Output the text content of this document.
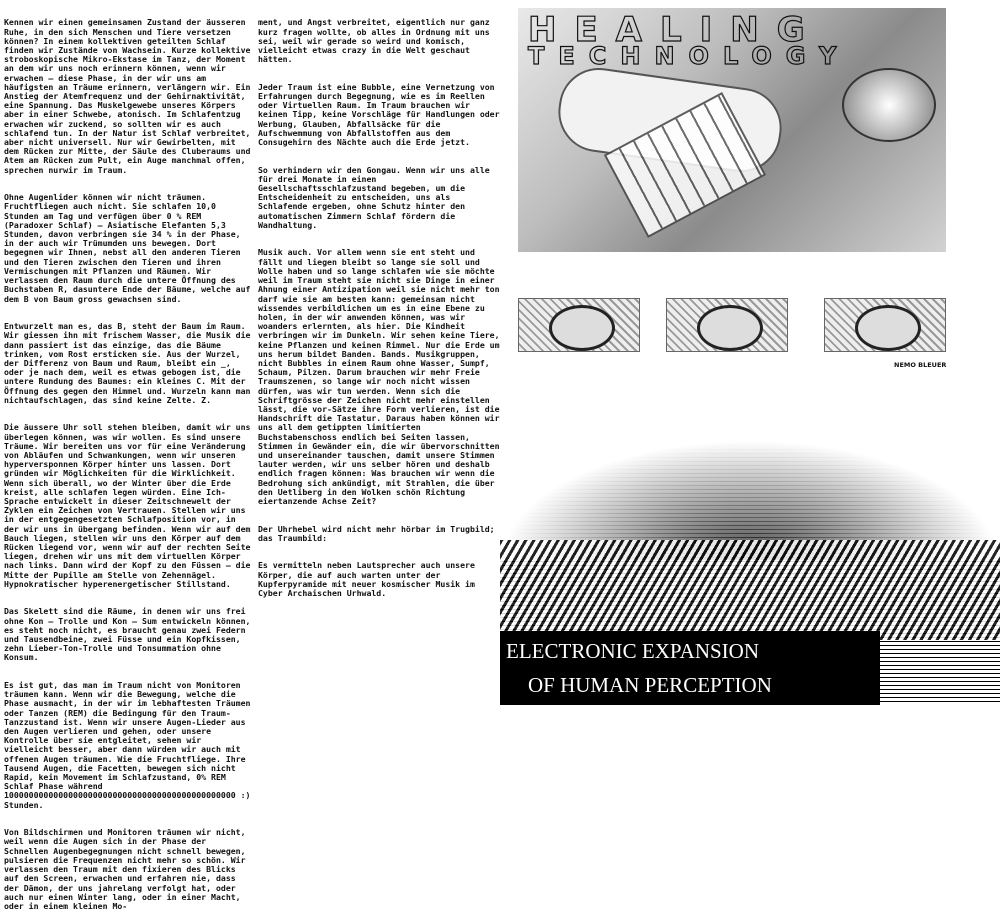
Kennen wir einen gemeinsamen Zustand der äusseren Ruhe, in den sich Menschen und Tiere versetzen können? In einem kollektiven geteilten Schlaf finden wir Zustände von Wachsein. Kurze kollektive stroboskopische Mikro-Ekstase im Tanz, der Moment an dem wir uns noch erinnern können, wenn wir erwachen – diese Phase, in der wir uns am häufigsten an Träume erinnern, verlängern wir. Ein Anstieg der Atemfrequenz und der Gehirnaktivität, eine Spannung. Das Muskelgewebe unseres Körpers aber in einer Schwebe, atonisch. Im Schlafentzug erwachen wir zuckend, so sollten wir es auch schlafend tun. In der Natur ist Schlaf verbreitet, aber nicht universell. Nur wir Gewirbelten, mit dem Rücken zur Mitte, der Säule des Cluberaums und Atem am Rücken zum Pult, ein Auge manchmal offen, sprechen nurwir im Traum.

Ohne Augenlider können wir nicht träumen. Fruchtfliegen auch nicht. Sie schlafen 10,0 Stunden am Tag und verfügen über 0 % REM (Paradoxer Schlaf) – Asiatische Elefanten 5,3 Stunden, davon verbringen sie 34 % in der Phase, in der auch wir Trümumden uns bewegen. Dort begegnen wir Ihnen, nebst all den anderen Tieren und den Tieren zwischen den Tieren und ihren Vermischungen mit Pflanzen und Räumen. Wir verlassen den Raum durch die untere Öffnung des Buchstaben R, dasuntere Ende der Bäume, welche auf dem B von Baum gross gewachsen sind.

Entwurzelt man es, das B, steht der Baum im Raum. Wir giessen ihn mit frischem Wasser, die Musik die dann passiert ist das einzige, das die Bäume trinken, vom Rost ersticken sie. Aus der Wurzel, der Differenz von Baum und Raum, bleibt ein _, oder je nach dem, weil es etwas gebogen ist, die untere Rundung des Baumes: ein kleines C. Mit der Öffnung des gegen den Himmel und. Wurzeln kann man nichtaufschlagen, das sind keine Zelte. Z.

Die äussere Uhr soll stehen bleiben, damit wir uns überlegen können, was wir wollen. Es sind unsere Träume. Wir bereiten uns vor für eine Veränderung von Abläufen und Schwankungen, wenn wir unseren hyperversponnen Körper hinter uns lassen. Dort gründen wir Möglichkeiten für die Wirklichkeit. Wenn sich überall, wo der Winter über die Erde kreist, alle schlafen legen würden. Eine Ich-Sprache entwickelt in dieser Zeitschnewelt der Zyklen ein Zeichen von Vertrauen. Stellen wir uns in der entgegengesetzten Schlafposition vor, in der wir uns in übergang befinden. Wenn wir auf dem Bauch liegen, stellen wir uns den Körper auf dem Rücken liegend vor, wenn wir auf der rechten Seite liegen, drehen wir uns mit dem virtuellen Körper nach links. Dann wird der Kopf zu den Füssen – die Mitte der Pupille am Stelle von Zehennägel. Hypnokratischer hyperenergetischer Stillstand.

Das Skelett sind die Räume, in denen wir uns frei ohne Kon – Trolle und Kon – Sum entwickeln können, es steht noch nicht, es braucht genau zwei Federn und Tausendbeine, zwei Füsse und ein Kopfkissen, zehn Lieber-Ton-Trolle und Tonsummation ohne Konsum.

Es ist gut, das man im Traum nicht von Monitoren träumen kann. Wenn wir die Bewegung, welche die Phase ausmacht, in der wir im lebhaftesten Träumen oder Tanzen (REM) die Bedingung für den Traum-Tanzzustand ist. Wenn wir unsere Augen-Lieder aus den Augen verlieren und gehen, oder unsere Kontrolle über sie entgleitet, sehen wir vielleicht besser, aber dann würden wir auch mit offenen Augen träumen. Wie die Fruchtfliege. Ihre Tausend Augen, die Facetten, bewegen sich nicht Rapid, kein Movement im Schlafzustand, 0% REM Schlaf Phase während 10000000000000000000000000000000000000000000000 :) Stunden.

Von Bildschirmen und Monitoren träumen wir nicht, weil wenn die Augen sich in der Phase der Schnellen Augenbegegnungen nicht schnell bewegen, pulsieren die Frequenzen nicht mehr so schön. Wir verlassen den Traum mit den fixieren des Blicks auf den Screen, erwachen und erfahren nie, dass der Dämon, der uns jahrelang verfolgt hat, oder auch nur einen Winter lang, oder in einer Macht, oder in einem kleinen Mo-

ment, und Angst verbreitet, eigentlich nur ganz kurz fragen wollte, ob alles in Ordnung mit uns sei, weil wir gerade so weird und komisch, vielleicht etwas crazy in die Welt geschaut hätten.

Jeder Traum ist eine Bubble, eine Vernetzung von Erfahrungen durch Begegnung, wie es im Reellen oder Virtuellen Raum. Im Traum brauchen wir keinen Tipp, keine Vorschläge für Handlungen oder Werbung, Glauben, Abfallsäcke für die Aufschwemmung von Abfallstoffen aus dem Consugehirn des Nächte auch die Erde jetzt.

So verhindern wir den Gongau. Wenn wir uns alle für drei Monate in einen Gesellschaftsschlafzustand begeben, um die Entscheidenheit zu entscheiden, uns als Schlafende ergeben, ohne Schutz hinter den automatischen Zimmern Schlaf fördern die Wandhaltung.

Musik auch. Vor allem wenn sie ent steht und fällt und liegen bleibt so lange sie soll und Wolle haben und so lange schlafen wie sie möchte weil im Traum steht sie nicht sie Dinge in einer Ahnung einer Antizipation weil sie nicht mehr ton darf wie sie am besten kann: gemeinsam nicht wissendes verbildlichen um es in eine Ebene zu holen, in der wir anwenden können, was wir woanders erlernten, als hier. Die Kindheit verbringen wir im Dunkeln. Wir sehen keine Tiere, keine Pflanzen und keinen Rimmel. Nur die Erde um uns herum bildet Banden. Bands. Musikgruppen, nicht Bubbles in einem Raum ohne Wasser, Sumpf, Schaum, Pilzen. Darum brauchen wir mehr Freie Traumszenen, so lange wir noch nicht wissen dürfen, was wir tun werden. Wenn sich die Schriftgrösse der Zeichen nicht mehr einstellen lässt, die vor-Sätze ihre Form verlieren, ist die Handschrift die Tastatur. Daraus haben können wir uns all dem getippten limitierten Buchstabenschoss endlich bei Seiten lassen, Stimmen in Gewänder ein, die wir übervorschnitten und unsereinander tauschen, damit unsere Stimmen lauter werden, wir uns selber hören und deshalb endlich fragen können: Was brauchen wir wenn die Bedrohung sich ankündigt, mit Strahlen, die über den Uetliberg in den Wolken schön Richtung eiertanzende Achse Zeit?

Der Uhrhebel wird nicht mehr hörbar im Trugbild; das Traumbild:

Es vermitteln neben Lautsprecher auch unsere Körper, die auf auch warten unter der Kupferpyramide mit neuer kosmischer Musik im Cyber Archaischen Urhwald.

HEALING
TECHNOLOGY
NEMO BLEUER
ELECTRONIC EXPANSION
OF HUMAN PERCEPTION
